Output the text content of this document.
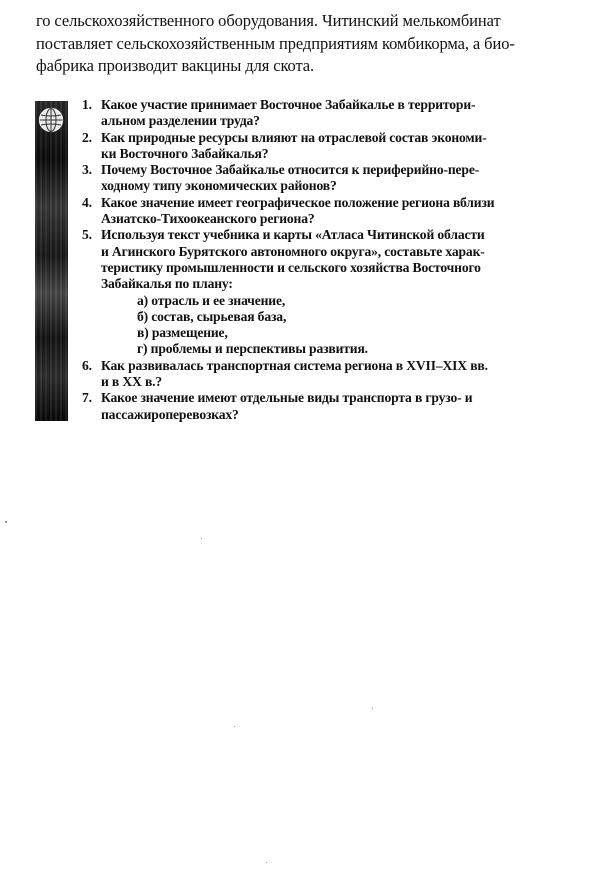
го сельскохозяйственного оборудования. Читинский мелькомбинат
поставляет сельскохозяйственным предприятиям комбикорма, а био-
фабрика производит вакцины для скота.
1. Какое участие принимает Восточное Забайкалье в территори-
альном разделении труда?
2. Как природные ресурсы влияют на отраслевой состав экономи-
ки Восточного Забайкалья?
3. Почему Восточное Забайкалье относится к периферийно-пере-
ходному типу экономических районов?
4. Какое значение имеет географическое положение региона вблизи
Азиатско-Тихоокеанского региона?
5. Используя текст учебника и карты «Атласа Читинской области
и Агинского Бурятского автономного округа», составьте харак-
теристику промышленности и сельского хозяйства Восточного
Забайкалья по плану:
а) отрасль и ее значение,
б) состав, сырьевая база,
в) размещение,
г) проблемы и перспективы развития.
6. Как развивалась транспортная система региона в XVII–XIX вв.
и в XX в.?
7. Какое значение имеют отдельные виды транспорта в грузо- и
пассажироперевозках?
